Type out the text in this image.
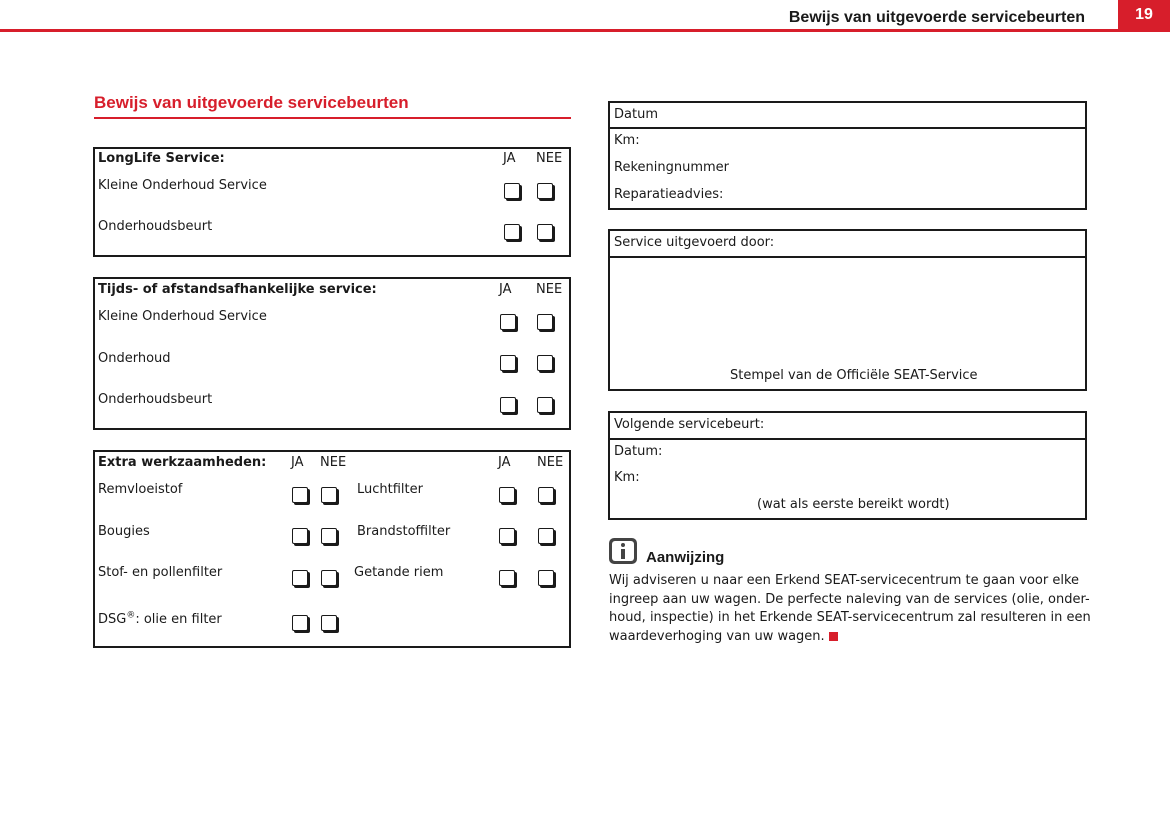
Bewijs van uitgevoerde servicebeurten	19
Bewijs van uitgevoerde servicebeurten
LongLife Service:	JA NEE
Kleine Onderhoud Service
Onderhoudsbeurt
Tijds- of afstandsafhankelijke service:	JA NEE
Kleine Onderhoud Service
Onderhoud
Onderhoudsbeurt
Extra werkzaamheden: JA NEE	JA NEE
Remvloeistof	Luchtfilter
Bougies	Brandstoffilter
Stof- en pollenfilter	Getande riem
DSG®: olie en filter
Datum
Km:
Rekeningnummer
Reparatieadvies:
Service uitgevoerd door:
Stempel van de Officiële SEAT-Service
Volgende servicebeurt:
Datum:
Km:
(wat als eerste bereikt wordt)
Aanwijzing
Wij adviseren u naar een Erkend SEAT-servicecentrum te gaan voor elke
ingreep aan uw wagen. De perfecte naleving van de services (olie, onder-
houd, inspectie) in het Erkende SEAT-servicecentrum zal resulteren in een
waardeverhoging van uw wagen.
